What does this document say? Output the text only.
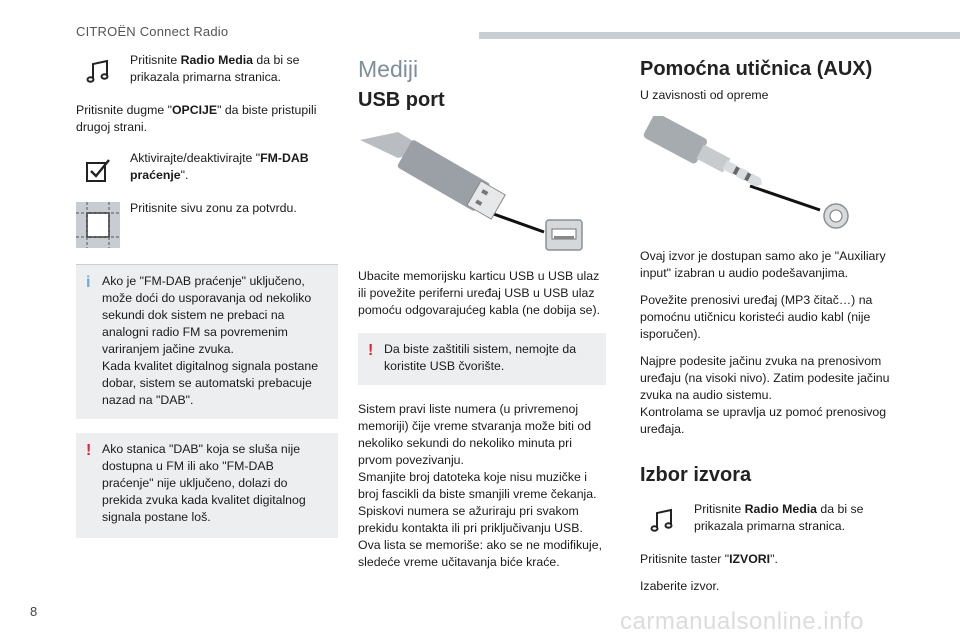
CITROËN Connect Radio
Pritisnite Radio Media da bi se prikazala primarna stranica.
Pritisnite dugme "OPCIJE" da biste pristupili drugoj strani.
Aktivirajte/deaktivirajte "FM-DAB praćenje".
Pritisnite sivu zonu za potvrdu.
i Ako je "FM-DAB praćenje" uključeno, može doći do usporavanja od nekoliko sekundi dok sistem ne prebaci na analogni radio FM sa povremenim variranjem jačine zvuka.
Kada kvalitet digitalnog signala postane dobar, sistem se automatski prebacuje nazad na "DAB".
! Ako stanica "DAB" koja se sluša nije dostupna u FM ili ako "FM-DAB praćenje" nije uključeno, dolazi do prekida zvuka kada kvalitet digitalnog signala postane loš.
Mediji
USB port
Ubacite memorijsku karticu USB u USB ulaz ili povežite periferni uređaj USB u USB ulaz pomoću odgovarajućeg kabla (ne dobija se).
! Da biste zaštitili sistem, nemojte da koristite USB čvorište.
Sistem pravi liste numera (u privremenoj memoriji) čije vreme stvaranja može biti od nekoliko sekundi do nekoliko minuta pri prvom povezivanju.
Smanjite broj datoteka koje nisu muzičke i broj fascikli da biste smanjili vreme čekanja.
Spiskovi numera se ažuriraju pri svakom prekidu kontakta ili pri priključivanju USB.
Ova lista se memoriše: ako se ne modifikuje, sledeće vreme učitavanja biće kraće.
Pomoćna utičnica (AUX)
U zavisnosti od opreme
Ovaj izvor je dostupan samo ako je "Auxiliary input" izabran u audio podešavanjima.
Povežite prenosivi uređaj (MP3 čitač…) na pomoćnu utičnicu koristeći audio kabl (nije isporučen).
Najpre podesite jačinu zvuka na prenosivom uređaju (na visoki nivo). Zatim podesite jačinu zvuka na audio sistemu.
Kontrolama se upravlja uz pomoć prenosivog uređaja.
Izbor izvora
Pritisnite Radio Media da bi se prikazala primarna stranica.
Pritisnite taster "IZVORI".
Izaberite izvor.
8	carmanualsonline.info
